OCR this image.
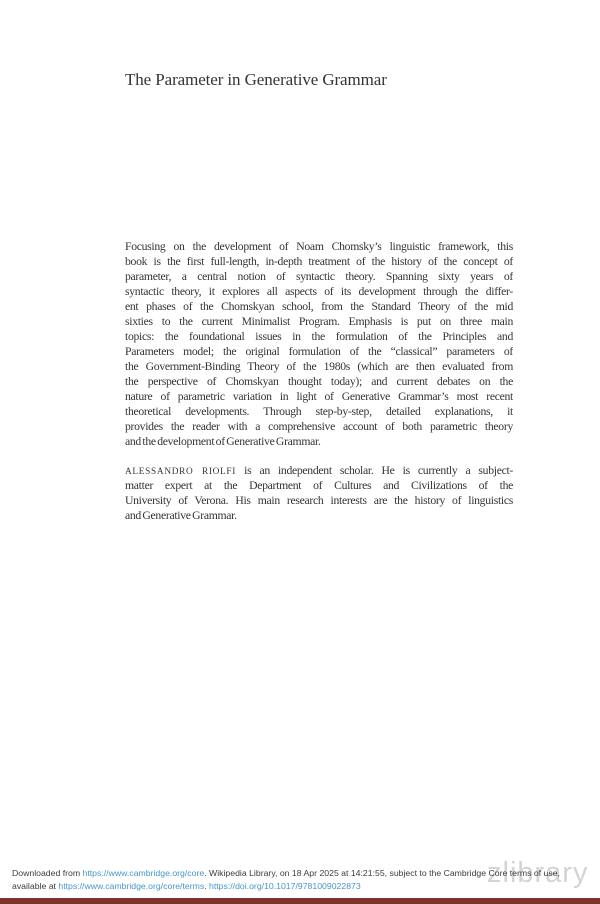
The Parameter in Generative Grammar
Focusing on the development of Noam Chomsky’s linguistic framework, this
book is the first full-length, in-depth treatment of the history of the concept of
parameter, a central notion of syntactic theory. Spanning sixty years of
syntactic theory, it explores all aspects of its development through the differ-
ent phases of the Chomskyan school, from the Standard Theory of the mid
sixties to the current Minimalist Program. Emphasis is put on three main
topics: the foundational issues in the formulation of the Principles and
Parameters model; the original formulation of the “classical” parameters of
the Government-Binding Theory of the 1980s (which are then evaluated from
the perspective of Chomskyan thought today); and current debates on the
nature of parametric variation in light of Generative Grammar’s most recent
theoretical developments. Through step-by-step, detailed explanations, it
provides the reader with a comprehensive account of both parametric theory
and the development of Generative Grammar.
ALESSANDRO RIOLFI is an independent scholar. He is currently a subject-
matter expert at the Department of Cultures and Civilizations of the
University of Verona. His main research interests are the history of linguistics
and Generative Grammar.
zlibrary
Downloaded from https://www.cambridge.org/core. Wikipedia Library, on 18 Apr 2025 at 14:21:55, subject to the Cambridge Core terms of use,
available at https://www.cambridge.org/core/terms. https://doi.org/10.1017/9781009022873
